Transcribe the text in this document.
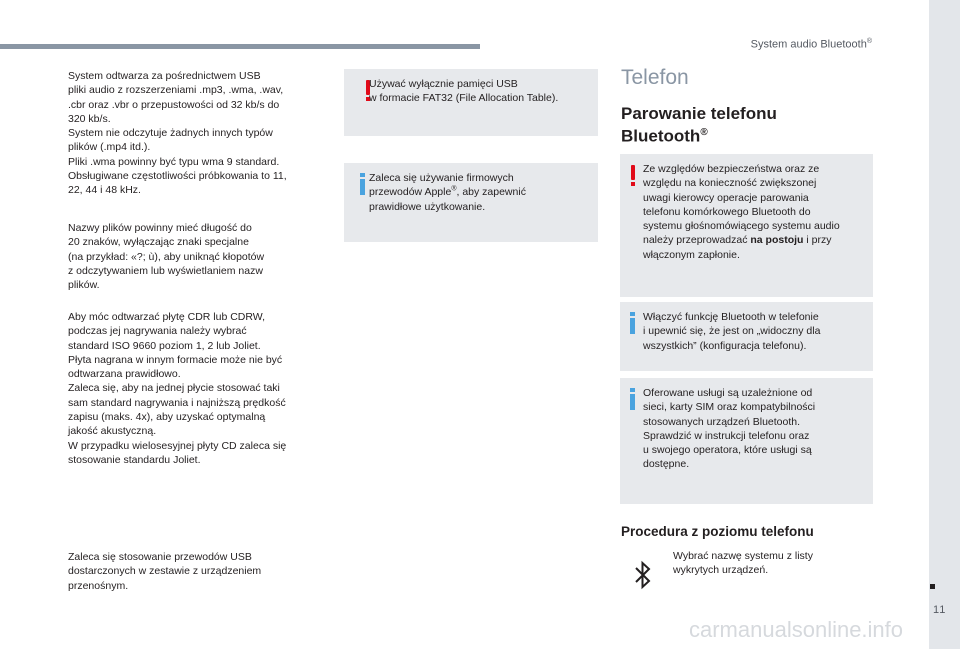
System audio Bluetooth®
System odtwarza za pośrednictwem USB
pliki audio z rozszerzeniami .mp3, .wma, .wav,
.cbr oraz .vbr o przepustowości od 32 kb/s do
320 kb/s.
System nie odczytuje żadnych innych typów
plików (.mp4 itd.).
Pliki .wma powinny być typu wma 9 standard.
Obsługiwane częstotliwości próbkowania to 11,
22, 44 i 48 kHz.
Nazwy plików powinny mieć długość do
20 znaków, wyłączając znaki specjalne
(na przykład: «?; ù), aby uniknąć kłopotów
z odczytywaniem lub wyświetlaniem nazw
plików.
Aby móc odtwarzać płytę CDR lub CDRW,
podczas jej nagrywania należy wybrać
standard ISO 9660 poziom 1, 2 lub Joliet.
Płyta nagrana w innym formacie może nie być
odtwarzana prawidłowo.
Zaleca się, aby na jednej płycie stosować taki
sam standard nagrywania i najniższą prędkość
zapisu (maks. 4x), aby uzyskać optymalną
jakość akustyczną.
W przypadku wielosesyjnej płyty CD zaleca się
stosowanie standardu Joliet.
Zaleca się stosowanie przewodów USB
dostarczonych w zestawie z urządzeniem
przenośnym.
Używać wyłącznie pamięci USB
w formacie FAT32 (File Allocation Table).
Zaleca się używanie firmowych
przewodów Apple®, aby zapewnić
prawidłowe użytkowanie.
Telefon
Parowanie telefonu
Bluetooth®
Ze względów bezpieczeństwa oraz ze
względu na konieczność zwiększonej
uwagi kierowcy operacje parowania
telefonu komórkowego Bluetooth do
systemu głośnomówiącego systemu audio
należy przeprowadzać na postoju i przy
włączonym zapłonie.
Włączyć funkcję Bluetooth w telefonie
i upewnić się, że jest on „widoczny dla
wszystkich” (konfiguracja telefonu).
Oferowane usługi są uzależnione od
sieci, karty SIM oraz kompatybilności
stosowanych urządzeń Bluetooth.
Sprawdzić w instrukcji telefonu oraz
u swojego operatora, które usługi są
dostępne.
Procedura z poziomu telefonu
Wybrać nazwę systemu z listy
wykrytych urządzeń.
11
carmanualsonline.info
